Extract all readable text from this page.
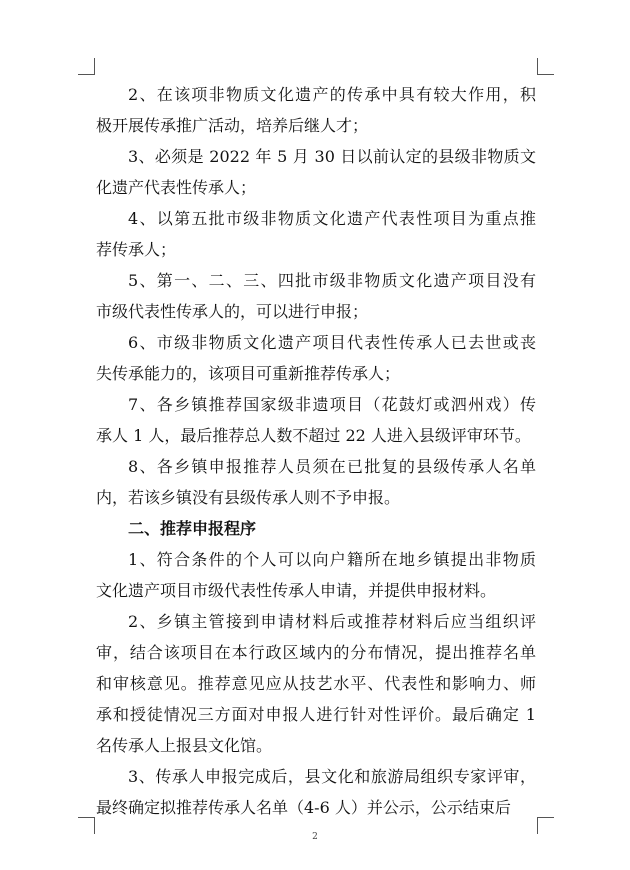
2、在该项非物质文化遗产的传承中具有较大作用，积
极开展传承推广活动，培养后继人才；
3、必须是 2022 年 5 月 30 日以前认定的县级非物质文
化遗产代表性传承人；
4、以第五批市级非物质文化遗产代表性项目为重点推
荐传承人；
5、第一、二、三、四批市级非物质文化遗产项目没有
市级代表性传承人的，可以进行申报；
6、市级非物质文化遗产项目代表性传承人已去世或丧
失传承能力的，该项目可重新推荐传承人；
7、各乡镇推荐国家级非遗项目（花鼓灯或泗州戏）传
承人 1 人，最后推荐总人数不超过 22 人进入县级评审环节。
8、各乡镇申报推荐人员须在已批复的县级传承人名单
内，若该乡镇没有县级传承人则不予申报。
二、推荐申报程序
1、符合条件的个人可以向户籍所在地乡镇提出非物质
文化遗产项目市级代表性传承人申请，并提供申报材料。
2、乡镇主管接到申请材料后或推荐材料后应当组织评
审，结合该项目在本行政区域内的分布情况，提出推荐名单
和审核意见。推荐意见应从技艺水平、代表性和影响力、师
承和授徒情况三方面对申报人进行针对性评价。最后确定 1
名传承人上报县文化馆。
3、传承人申报完成后，县文化和旅游局组织专家评审，
最终确定拟推荐传承人名单（4-6 人）并公示，公示结束后
2
